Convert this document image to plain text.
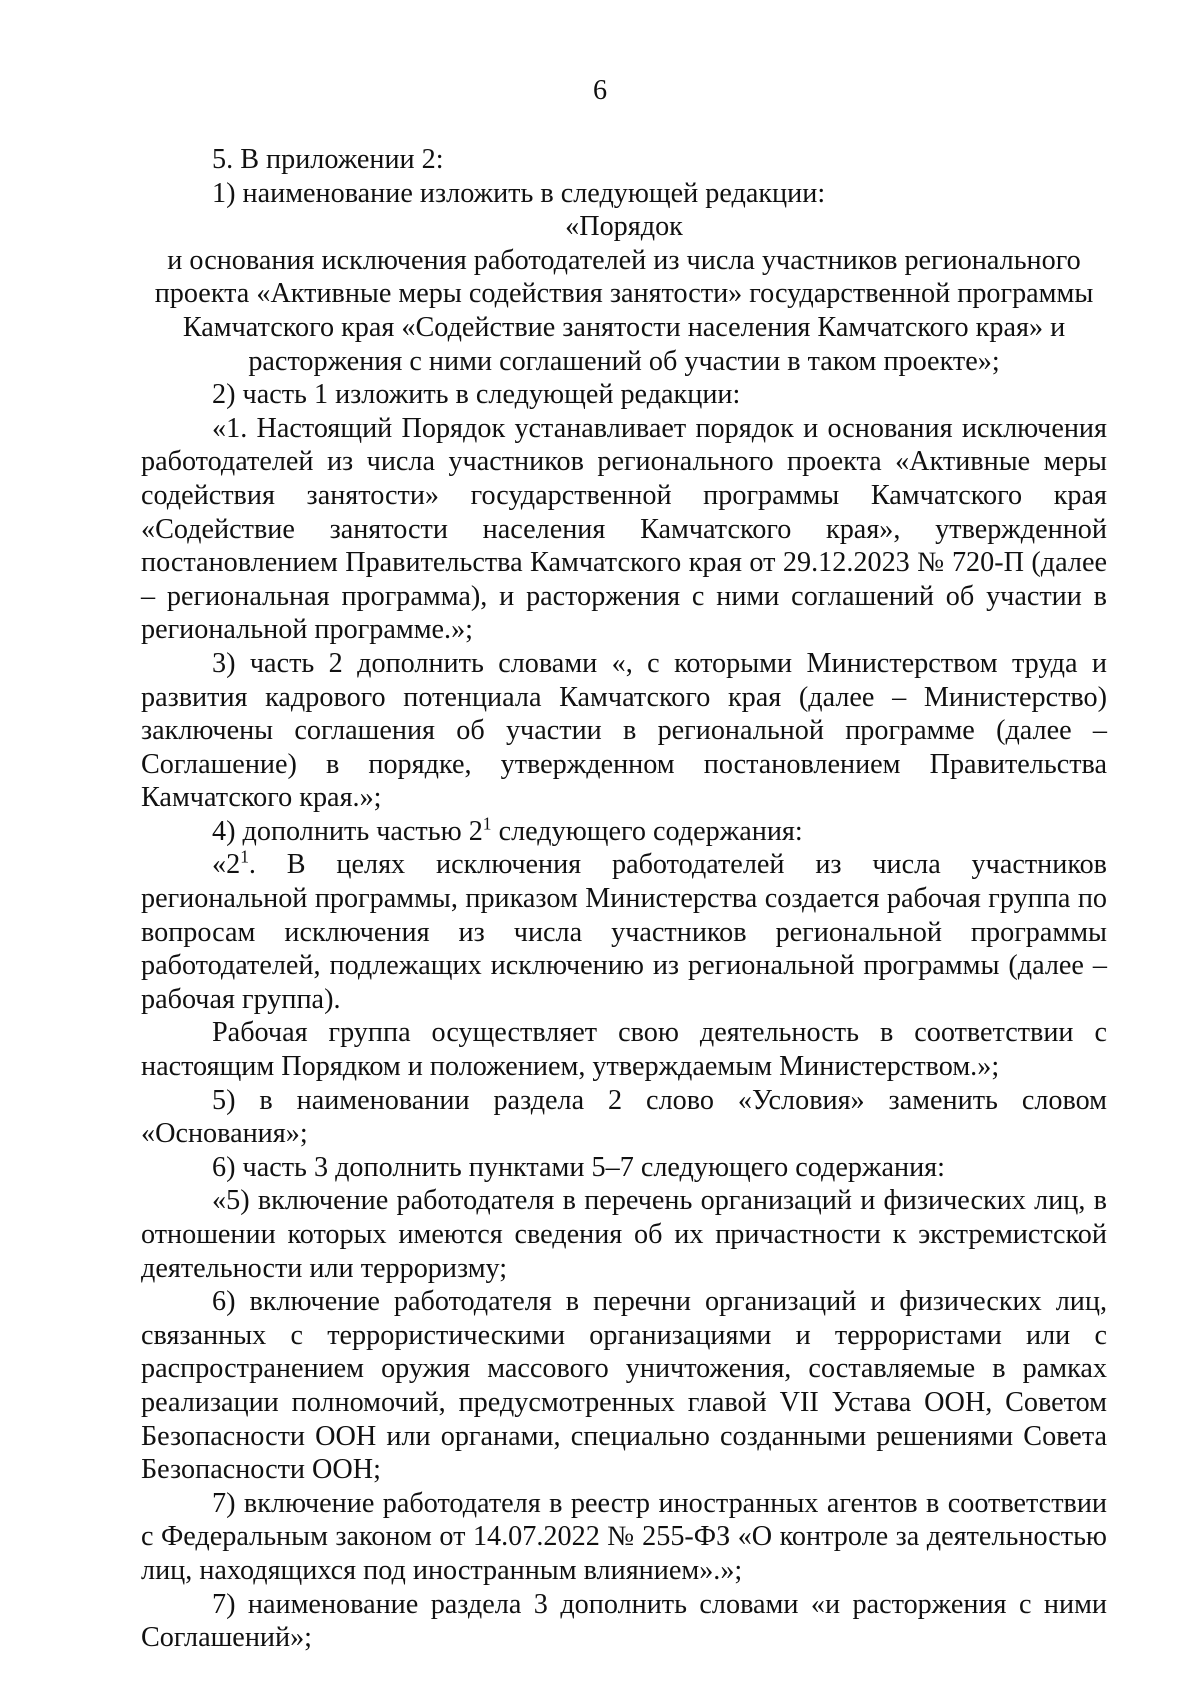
6

5. В приложении 2:

1) наименование изложить в следующей редакции:

«Порядок
и основания исключения работодателей из числа участников регионального
проекта «Активные меры содействия занятости» государственной программы
Камчатского края «Содействие занятости населения Камчатского края» и
расторжения с ними соглашений об участии в таком проекте»;

2) часть 1 изложить в следующей редакции:

«1. Настоящий Порядок устанавливает порядок и основания исключения работодателей из числа участников регионального проекта «Активные меры содействия занятости» государственной программы Камчатского края «Содействие занятости населения Камчатского края», утвержденной постановлением Правительства Камчатского края от 29.12.2023 № 720-П (далее – региональная программа), и расторжения с ними соглашений об участии в региональной программе.»;

3) часть 2 дополнить словами «, с которыми Министерством труда и развития кадрового потенциала Камчатского края (далее – Министерство) заключены соглашения об участии в региональной программе (далее – Соглашение) в порядке, утвержденном постановлением Правительства Камчатского края.»;

4) дополнить частью $2^1$ следующего содержания:

«$2^1$. В целях исключения работодателей из числа участников региональной программы, приказом Министерства создается рабочая группа по вопросам исключения из числа участников региональной программы работодателей, подлежащих исключению из региональной программы (далее – рабочая группа).

Рабочая группа осуществляет свою деятельность в соответствии с настоящим Порядком и положением, утверждаемым Министерством.»;

5) в наименовании раздела 2 слово «Условия» заменить словом «Основания»;

6) часть 3 дополнить пунктами 5–7 следующего содержания:

«5) включение работодателя в перечень организаций и физических лиц, в отношении которых имеются сведения об их причастности к экстремистской деятельности или терроризму;

6) включение работодателя в перечни организаций и физических лиц, связанных с террористическими организациями и террористами или с распространением оружия массового уничтожения, составляемые в рамках реализации полномочий, предусмотренных главой VII Устава ООН, Советом Безопасности ООН или органами, специально созданными решениями Совета Безопасности ООН;

7) включение работодателя в реестр иностранных агентов в соответствии с Федеральным законом от 14.07.2022 № 255-ФЗ «О контроле за деятельностью лиц, находящихся под иностранным влиянием».»;

7) наименование раздела 3 дополнить словами «и расторжения с ними Соглашений»;
